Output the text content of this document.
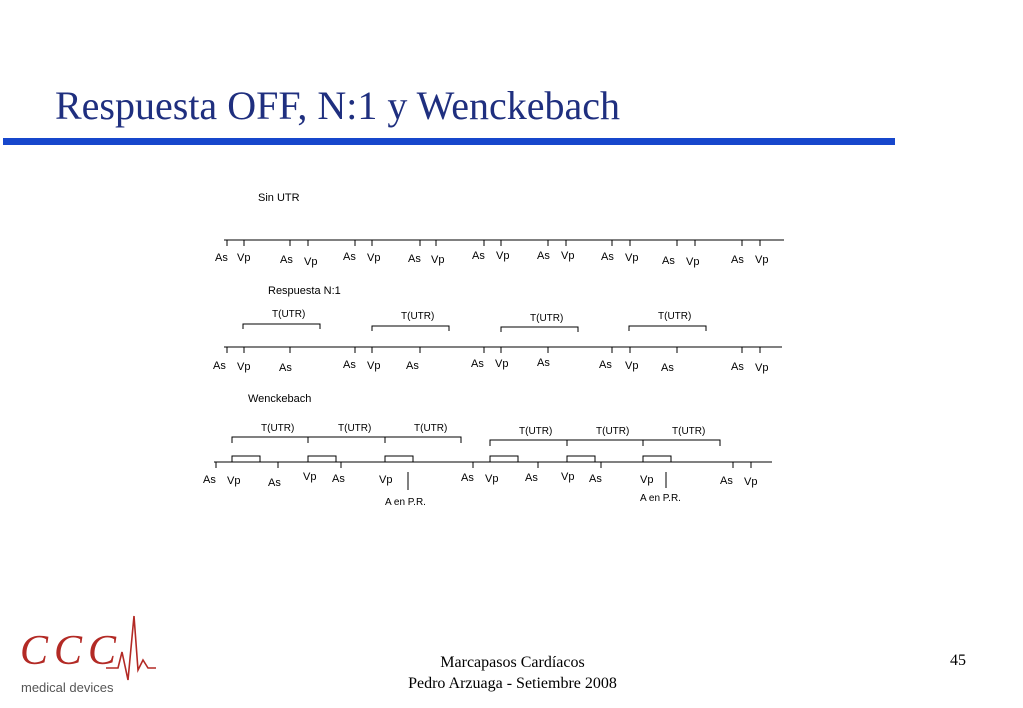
Respuesta OFF, N:1 y Wenckebach
Sin UTR
Respuesta N:1
Wenckebach
As Vp	As Vp As Vp	As Vp	As Vp	As Vp As Vp As Vp	As Vp
T(UTR)	T(UTR)	T(UTR)	T(UTR)
As Vp	As	As Vp As	As Vp	As	As Vp As	As Vp
T(UTR)	T(UTR)	T(UTR)	T(UTR)	T(UTR)	T(UTR)
As Vp	As Vp As	Vp	As Vp As Vp As	Vp	As Vp
A en P.R.	A en P.R.
CCC
medical devices
Marcapasos Cardíacos
Pedro Arzuaga - Setiembre 2008
45
